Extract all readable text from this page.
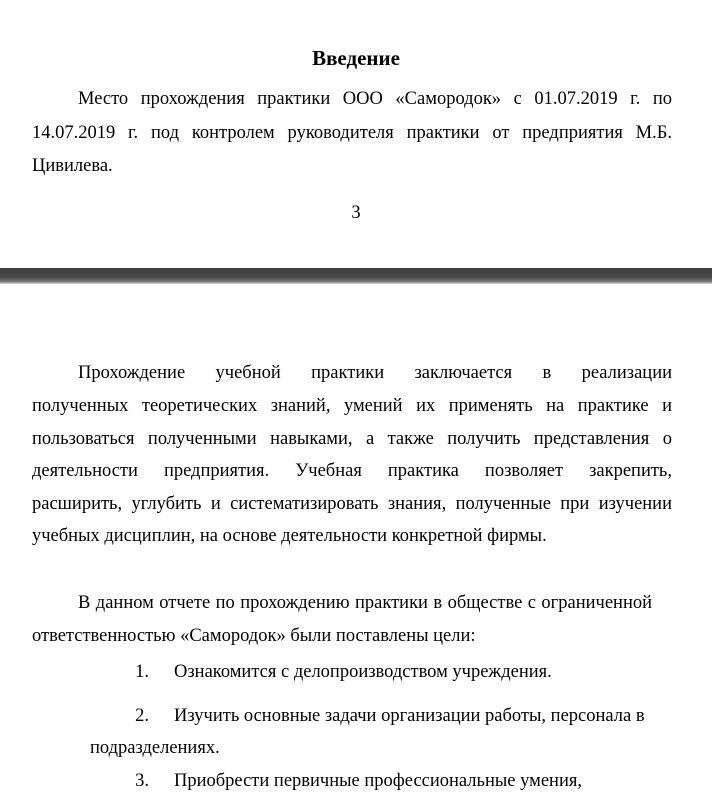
Введение
Место прохождения практики ООО «Самородок» с 01.07.2019 г. по
14.07.2019 г. под контролем руководителя практики от предприятия М.Б.
Цивилева.
3
Прохождение учебной практики заключается в реализации
полученных теоретических знаний, умений их применять на практике и
пользоваться полученными навыками, а также получить представления о
деятельности предприятия. Учебная практика позволяет закрепить,
расширить, углубить и систематизировать знания, полученные при изучении
учебных дисциплин, на основе деятельности конкретной фирмы.
В данном отчете по прохождению практики в обществе с ограниченной
ответственностью «Самородок» были поставлены цели:
1. Ознакомится с делопроизводством учреждения.
2. Изучить основные задачи организации работы, персонала в
подразделениях.
3. Приобрести первичные профессиональные умения,
